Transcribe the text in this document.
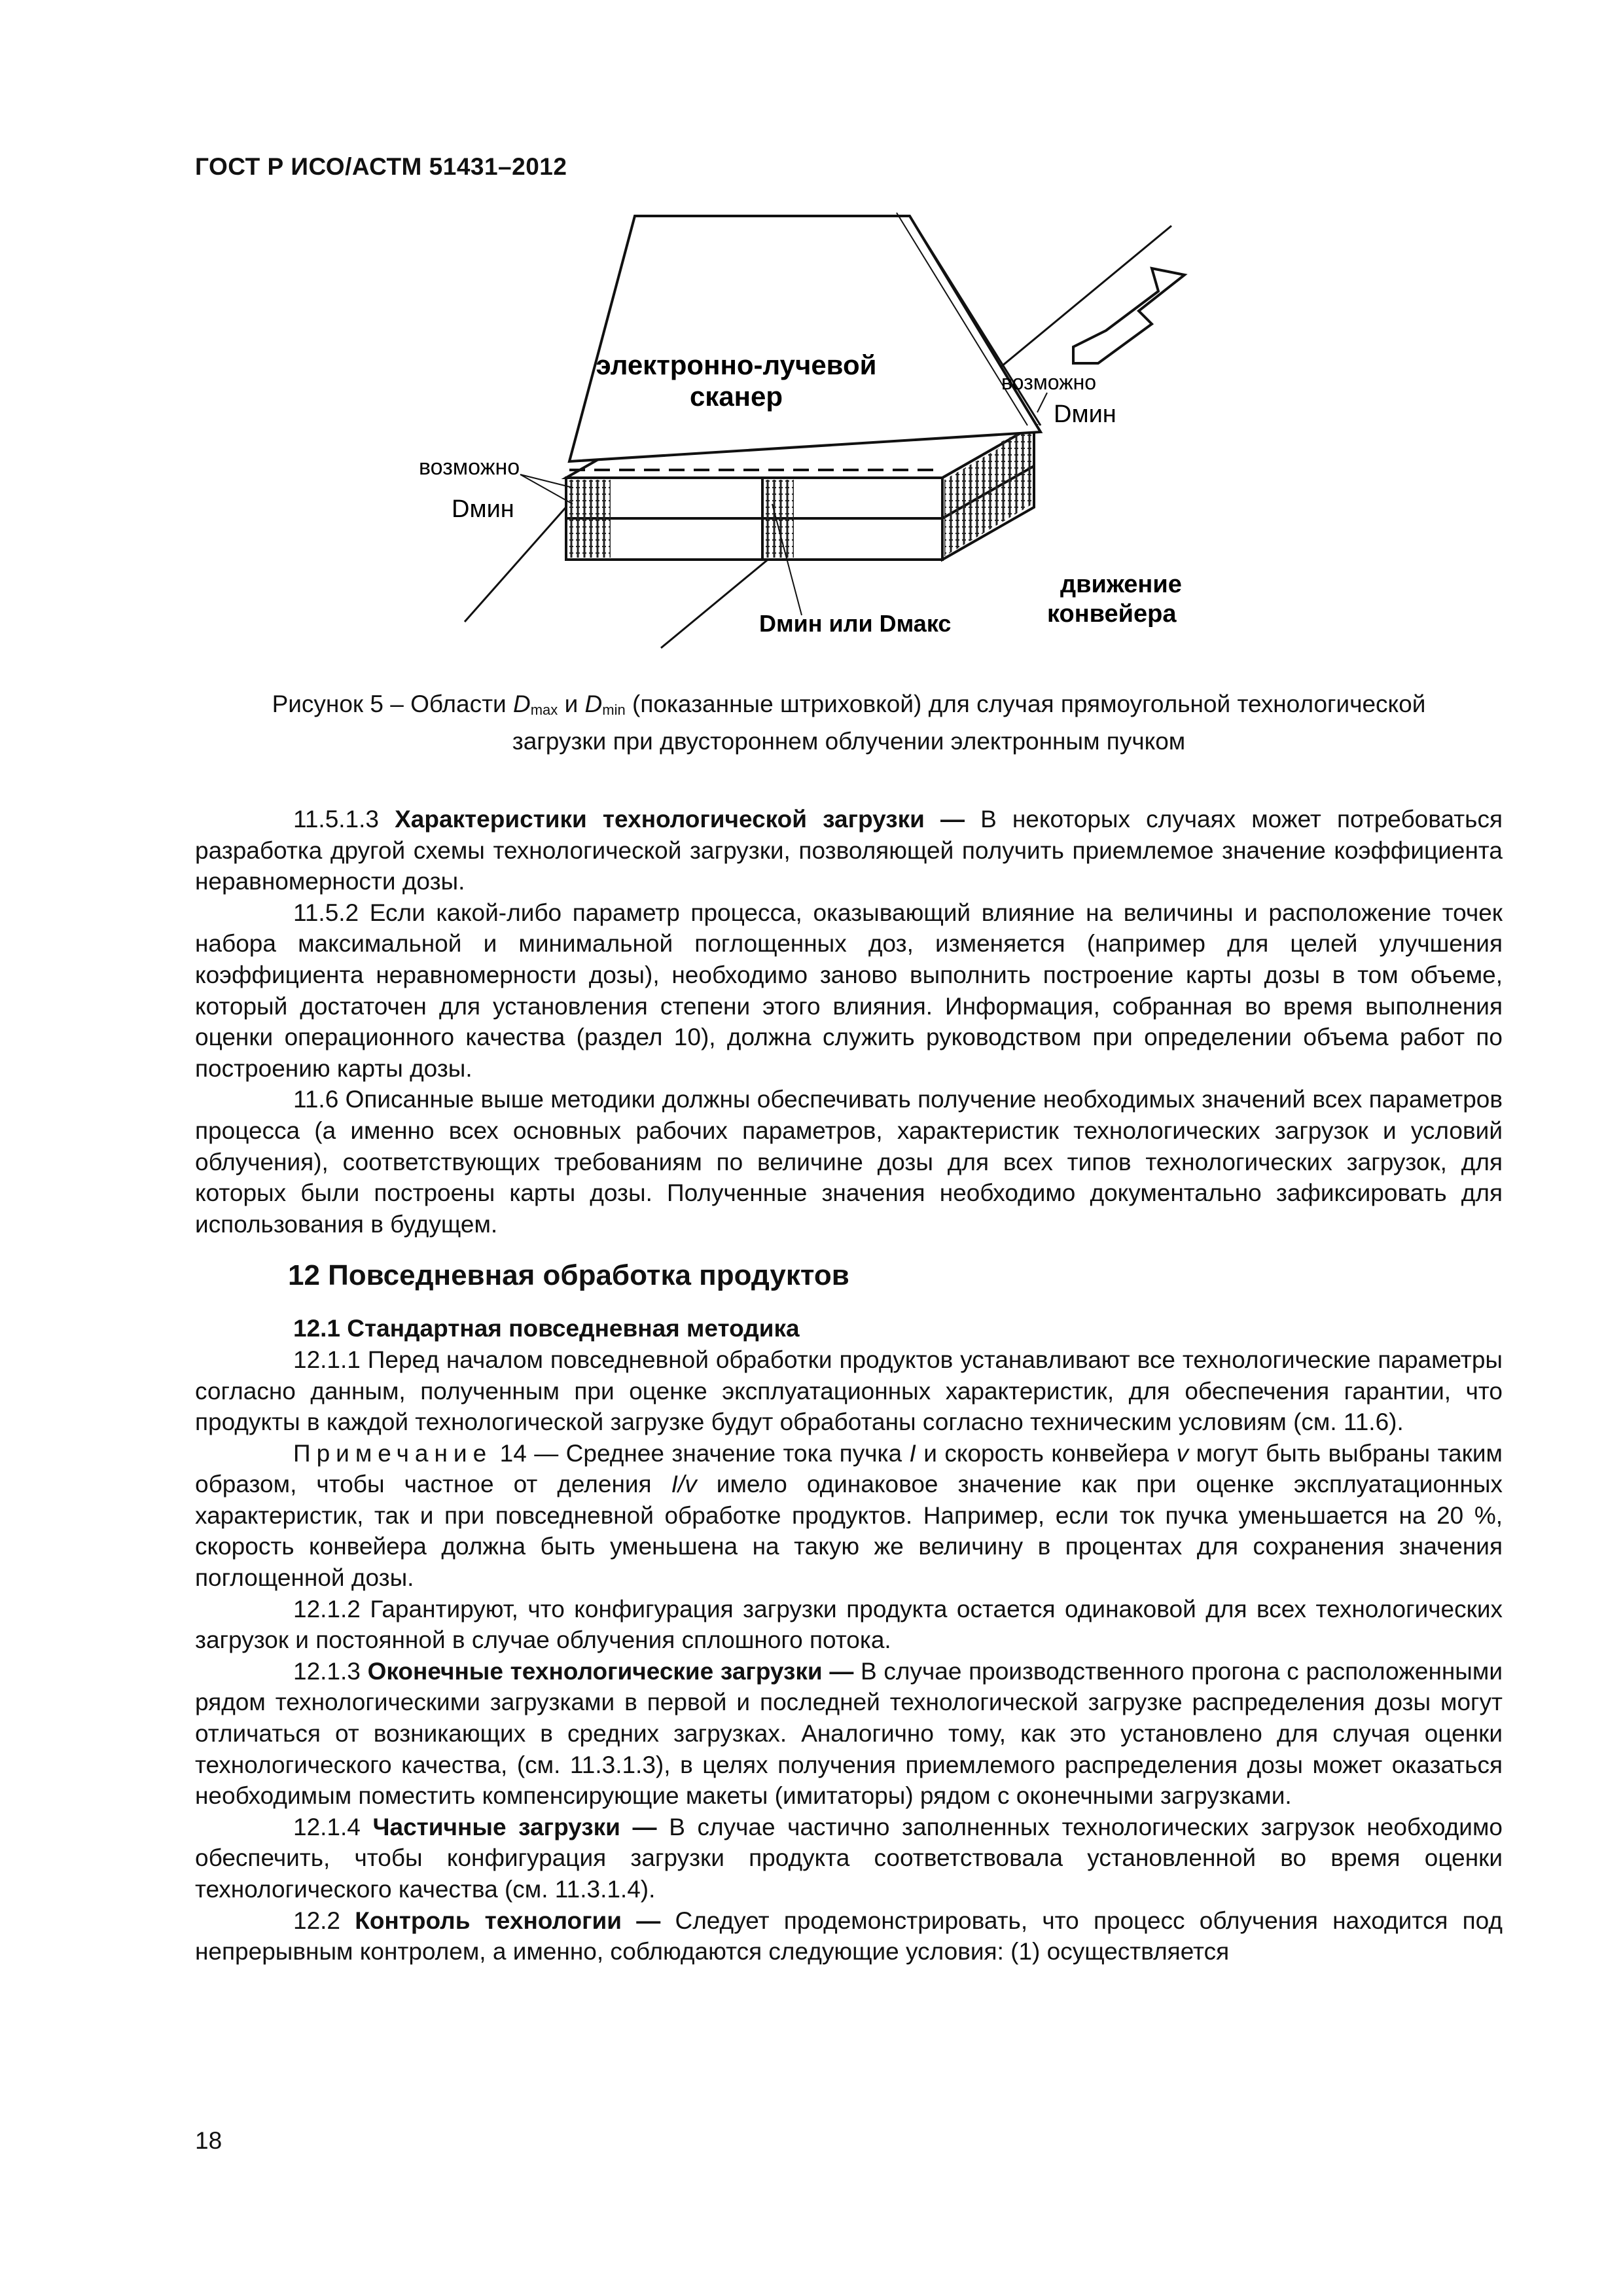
ГОСТ Р ИСО/АСТМ 51431–2012
электронно-лучевой
сканер
возможно
Dмин
возможно
Dмин
Dмин или Dмакс
движение
конвейера
Рисунок 5 – Области $D_{max}$ и $D_{min}$ (показанные штриховкой) для случая прямоугольной технологической
загрузки при двустороннем облучении электронным пучком

11.5.1.3 Характеристики технологической загрузки — В некоторых случаях может потребоваться разработка другой схемы технологической загрузки, позволяющей получить приемлемое значение коэффициента неравномерности дозы.

11.5.2 Если какой-либо параметр процесса, оказывающий влияние на величины и расположение точек набора максимальной и минимальной поглощенных доз, изменяется (например для целей улучшения коэффициента неравномерности дозы), необходимо заново выполнить построение карты дозы в том объеме, который достаточен для установления степени этого влияния. Информация, собранная во время выполнения оценки операционного качества (раздел 10), должна служить руководством при определении объема работ по построению карты дозы.

11.6 Описанные выше методики должны обеспечивать получение необходимых значений всех параметров процесса (а именно всех основных рабочих параметров, характеристик технологических загрузок и условий облучения), соответствующих требованиям по величине дозы для всех типов технологических загрузок, для которых были построены карты дозы. Полученные значения необходимо документально зафиксировать для использования в будущем.

12 Повседневная обработка продуктов
12.1 Стандартная повседневная методика

12.1.1 Перед началом повседневной обработки продуктов устанавливают все технологические параметры согласно данным, полученным при оценке эксплуатационных характеристик, для обеспечения гарантии, что продукты в каждой технологической загрузке будут обработаны согласно техническим условиям (см. 11.6).

Примечание 14 — Среднее значение тока пучка I и скорость конвейера v могут быть выбраны таким образом, чтобы частное от деления I/v имело одинаковое значение как при оценке эксплуатационных характеристик, так и при повседневной обработке продуктов. Например, если ток пучка уменьшается на 20 %, скорость конвейера должна быть уменьшена на такую же величину в процентах для сохранения значения поглощенной дозы.

12.1.2 Гарантируют, что конфигурация загрузки продукта остается одинаковой для всех технологических загрузок и постоянной в случае облучения сплошного потока.

12.1.3 Оконечные технологические загрузки — В случае производственного прогона с расположенными рядом технологическими загрузками в первой и последней технологической загрузке распределения дозы могут отличаться от возникающих в средних загрузках. Аналогично тому, как это установлено для случая оценки технологического качества, (см. 11.3.1.3), в целях получения приемлемого распределения дозы может оказаться необходимым поместить компенсирующие макеты (имитаторы) рядом с оконечными загрузками.

12.1.4 Частичные загрузки — В случае частично заполненных технологических загрузок необходимо обеспечить, чтобы конфигурация загрузки продукта соответствовала установленной во время оценки технологического качества (см. 11.3.1.4).

12.2 Контроль технологии — Следует продемонстрировать, что процесс облучения находится под непрерывным контролем, а именно, соблюдаются следующие условия: (1) осуществляется

18
